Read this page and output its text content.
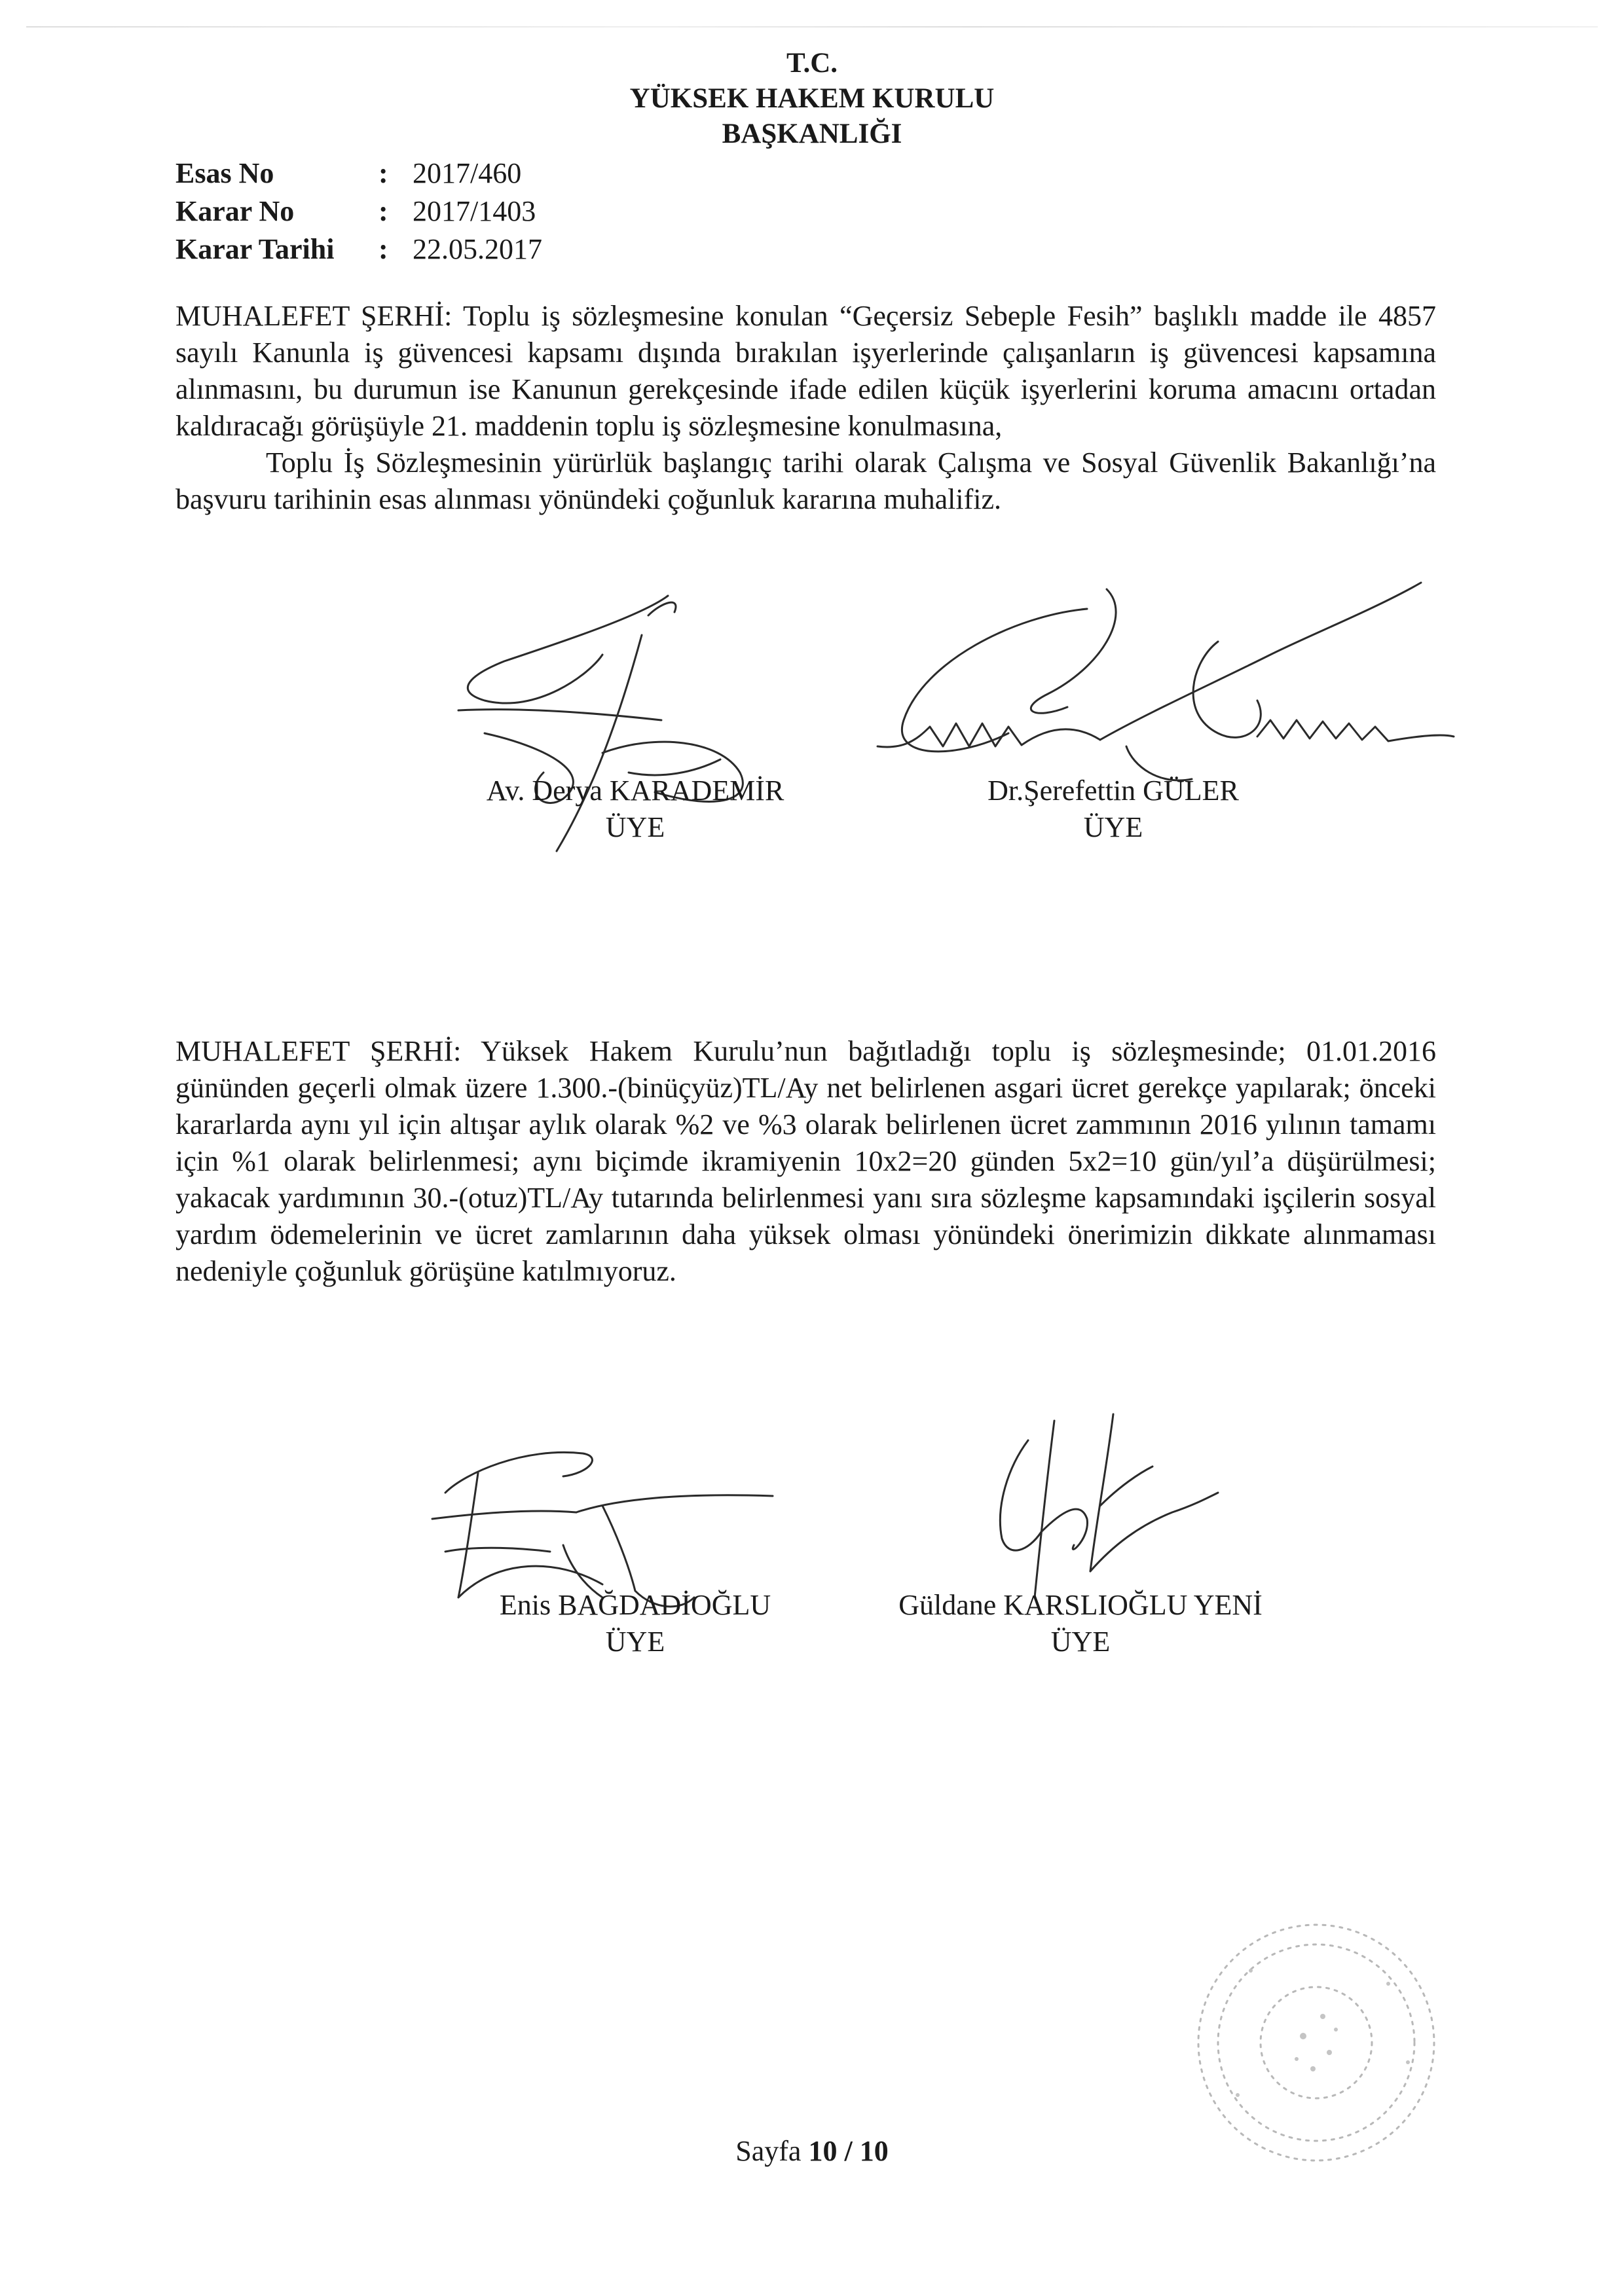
T.C.
YÜKSEK HAKEM KURULU
BAŞKANLIĞI
Esas No	: 2017/460
Karar No	: 2017/1403
Karar Tarihi	: 22.05.2017

MUHALEFET ŞERHİ: Toplu iş sözleşmesine konulan “Geçersiz Sebeple Fesih” başlıklı madde ile 4857 sayılı Kanunla iş güvencesi kapsamı dışında bırakılan işyerlerinde çalışanların iş güvencesi kapsamına alınmasını, bu durumun ise Kanunun gerekçesinde ifade edilen küçük işyerlerini koruma amacını ortadan kaldıracağı görüşüyle 21. maddenin toplu iş sözleşmesine konulmasına,

Toplu İş Sözleşmesinin yürürlük başlangıç tarihi olarak Çalışma ve Sosyal Güvenlik Bakanlığı’na başvuru tarihinin esas alınması yönündeki çoğunluk kararına muhalifiz.

Av. Derya KARADEMİR
ÜYE
Dr.Şerefettin GÜLER
ÜYE

MUHALEFET ŞERHİ: Yüksek Hakem Kurulu’nun bağıtladığı toplu iş sözleşmesinde; 01.01.2016 gününden geçerli olmak üzere 1.300.-(binüçyüz)TL/Ay net belirlenen asgari ücret gerekçe yapılarak; önceki kararlarda aynı yıl için altışar aylık olarak %2 ve %3 olarak belirlenen ücret zammının 2016 yılının tamamı için %1 olarak belirlenmesi; aynı biçimde ikramiyenin 10x2=20 günden 5x2=10 gün/yıl’a düşürülmesi; yakacak yardımının 30.-(otuz)TL/Ay tutarında belirlenmesi yanı sıra sözleşme kapsamındaki işçilerin sosyal yardım ödemelerinin ve ücret zamlarının daha yüksek olması yönündeki önerimizin dikkate alınmaması nedeniyle çoğunluk görüşüne katılmıyoruz.

Enis BAĞDADİOĞLU
ÜYE
Güldane KARSLIOĞLU YENİ
ÜYE
Sayfa 10 / 10
